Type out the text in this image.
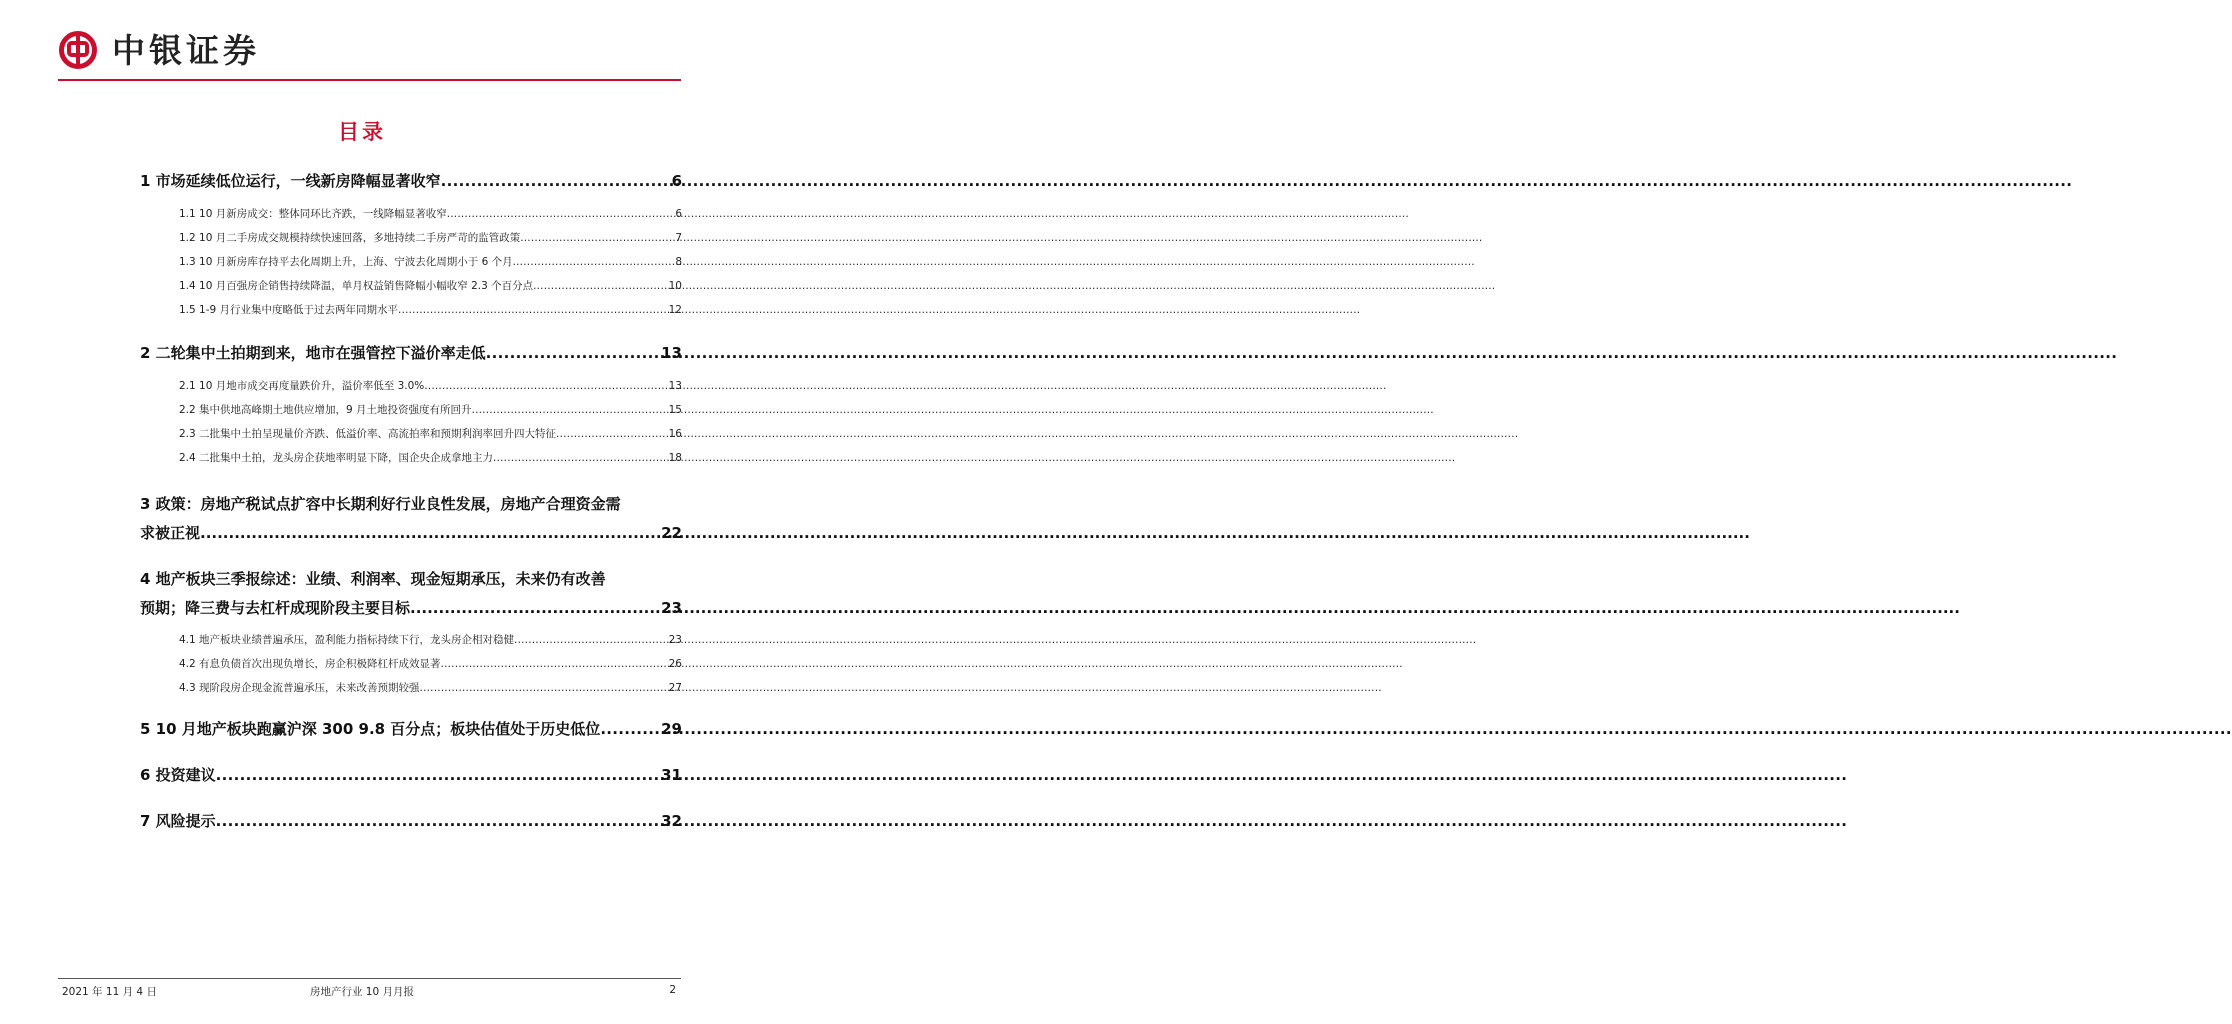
中银证券
目录
1 市场延续低位运行，一线新房降幅显著收窄 .....	6
1.1 10 月新房成交：整体同环比齐跌，一线降幅显著收窄 .....	6
1.2 10 月二手房成交规模持续快速回落，多地持续二手房严苛的监管政策 .....	7
1.3 10 月新房库存持平去化周期上升，上海、宁波去化周期小于 6 个月 .....	8
1.4 10 月百强房企销售持续降温，单月权益销售降幅小幅收窄 2.3 个百分点 .....	10
1.5 1-9 月行业集中度略低于过去两年同期水平 .....	12
2 二轮集中土拍期到来，地市在强管控下溢价率走低 .....	13
2.1 10 月地市成交再度量跌价升，溢价率低至 3.0% .....	13
2.2 集中供地高峰期土地供应增加，9 月土地投资强度有所回升 .....	15
2.3 二批集中土拍呈现量价齐跌、低溢价率、高流拍率和预期利润率回升四大特征 .....	16
2.4 二批集中土拍，龙头房企获地率明显下降，国企央企成拿地主力 .....	18
3 政策：房地产税试点扩容中长期利好行业良性发展，房地产合理资金需
求被正视 .....	22
4 地产板块三季报综述：业绩、利润率、现金短期承压，未来仍有改善
预期；降三费与去杠杆成现阶段主要目标 .....	23
4.1 地产板块业绩普遍承压，盈利能力指标持续下行，龙头房企相对稳健 .....	23
4.2 有息负债首次出现负增长，房企积极降杠杆成效显著 .....	26
4.3 现阶段房企现金流普遍承压，未来改善预期较强 .....	27
5 10 月地产板块跑赢沪深 300 9.8 百分点；板块估值处于历史低位 .....	29
6 投资建议 .....	31
7 风险提示 .....	32
2021 年 11 月 4 日	房地产行业 10 月月报	2
